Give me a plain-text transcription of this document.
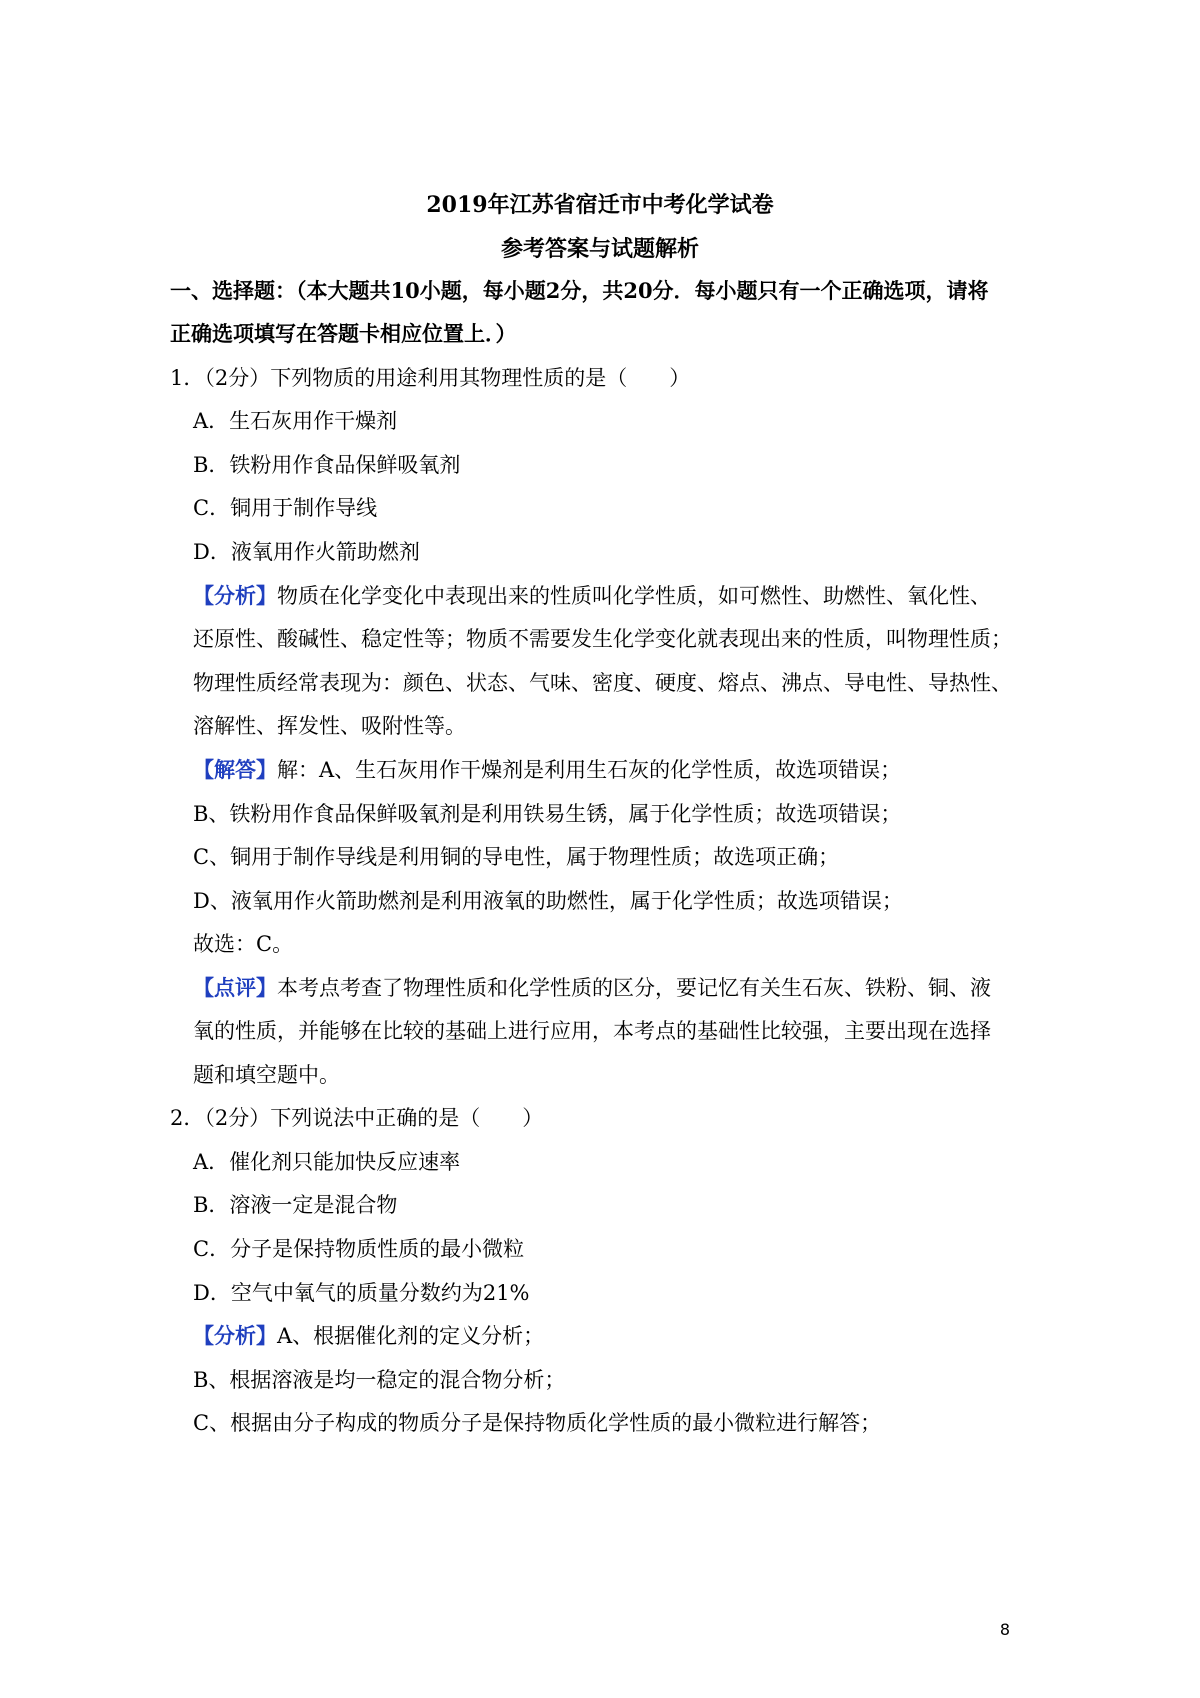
2019年江苏省宿迁市中考化学试卷
参考答案与试题解析
一、选择题：（本大题共10小题，每小题2分，共20分．每小题只有一个正确选项，请将
正确选项填写在答题卡相应位置上．）
1．（2分）下列物质的用途利用其物理性质的是（　　）
A．生石灰用作干燥剂
B．铁粉用作食品保鲜吸氧剂
C．铜用于制作导线
D．液氧用作火箭助燃剂
【分析】物质在化学变化中表现出来的性质叫化学性质，如可燃性、助燃性、氧化性、
还原性、酸碱性、稳定性等；物质不需要发生化学变化就表现出来的性质，叫物理性质；
物理性质经常表现为：颜色、状态、气味、密度、硬度、熔点、沸点、导电性、导热性、
溶解性、挥发性、吸附性等。
【解答】解：A、生石灰用作干燥剂是利用生石灰的化学性质，故选项错误；
B、铁粉用作食品保鲜吸氧剂是利用铁易生锈，属于化学性质；故选项错误；
C、铜用于制作导线是利用铜的导电性，属于物理性质；故选项正确；
D、液氧用作火箭助燃剂是利用液氧的助燃性，属于化学性质；故选项错误；
故选：C。
【点评】本考点考查了物理性质和化学性质的区分，要记忆有关生石灰、铁粉、铜、液
氧的性质，并能够在比较的基础上进行应用，本考点的基础性比较强，主要出现在选择
题和填空题中。
2．（2分）下列说法中正确的是（　　）
A．催化剂只能加快反应速率
B．溶液一定是混合物
C．分子是保持物质性质的最小微粒
D．空气中氧气的质量分数约为21%
【分析】A、根据催化剂的定义分析；
B、根据溶液是均一稳定的混合物分析；
C、根据由分子构成的物质分子是保持物质化学性质的最小微粒进行解答；
8
